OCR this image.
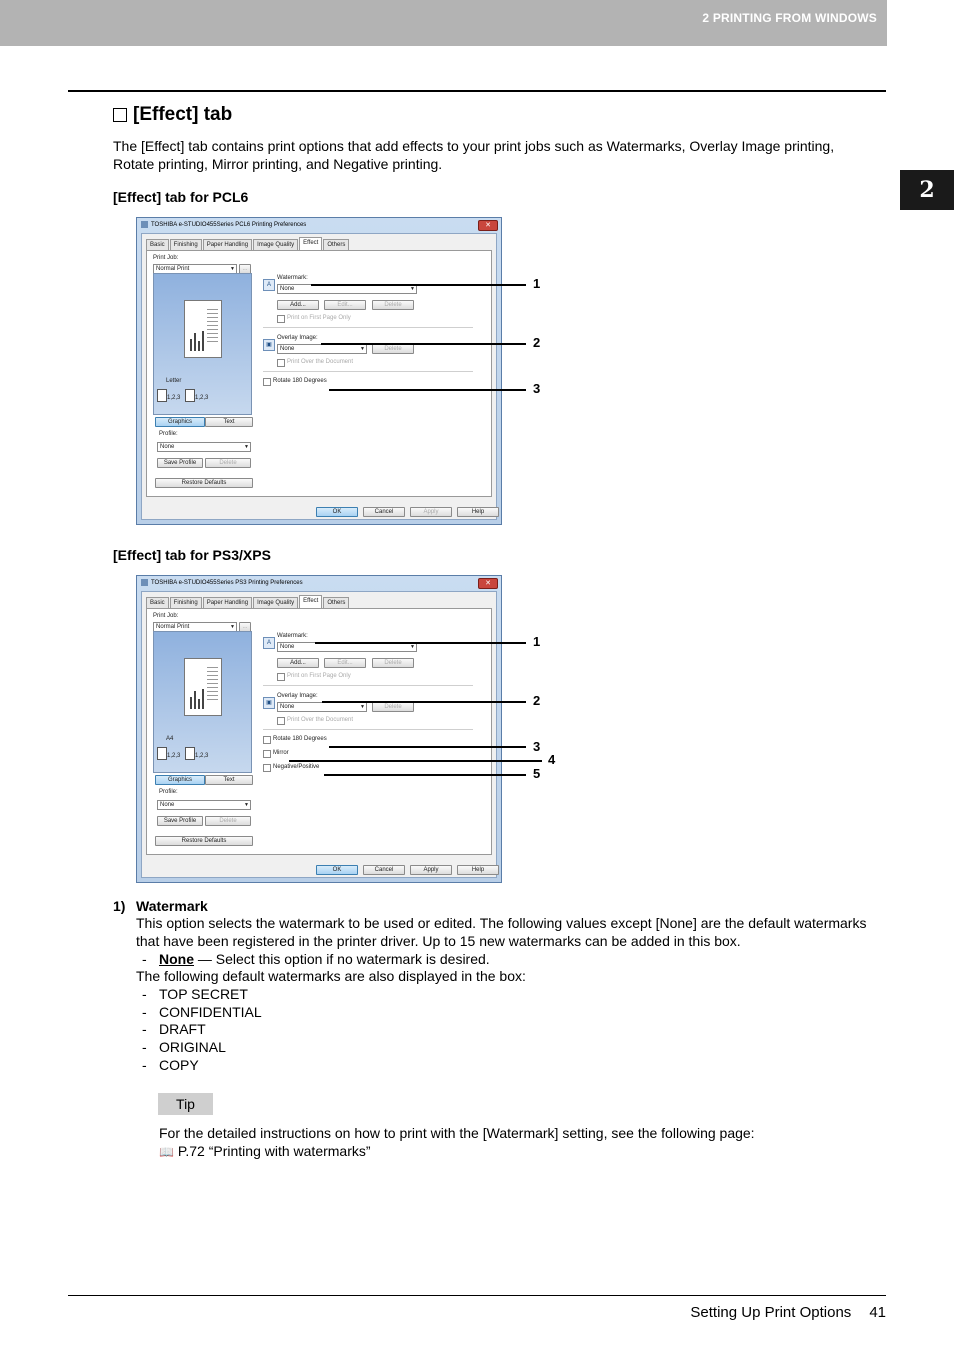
2 PRINTING FROM WINDOWS
2
[Effect] tab
The [Effect] tab contains print options that add effects to your print jobs such as Watermarks, Overlay Image printing,
Rotate printing, Mirror printing, and Negative printing.
[Effect] tab for PCL6
TOSHIBA e-STUDIO455Series PCL6 Printing Preferences	✕
Basic	Finishing	Paper Handling	Image Quality	Effect	Others
Print Job:
Normal Print	▼	...
Letter
1,2,3 1,2,3
Graphics	Text
Profile:
None	▼
Save Profile	Delete
Restore Defaults
A
Watermark:
None	▼
Add...	Edit...	Delete
Print on First Page Only
▣
Overlay Image:
None	▼	Delete
Print Over the Document
Rotate 180 Degrees
OK	Cancel	Apply	Help
1
2
3
[Effect] tab for PS3/XPS
TOSHIBA e-STUDIO455Series PS3 Printing Preferences	✕
Basic	Finishing	Paper Handling	Image Quality	Effect	Others
Print Job:
Normal Print	▼	...
A4
1,2,3 1,2,3
Graphics	Text
Profile:
None	▼
Save Profile	Delete
Restore Defaults
A
Watermark:
None	▼
Add...	Edit...	Delete
Print on First Page Only
▣
Overlay Image:
None	▼	Delete
Print Over the Document
Rotate 180 Degrees
Mirror
Negative/Positive
OK	Cancel	Apply	Help
1
2
3
4
5
1) Watermark
This option selects the watermark to be used or edited. The following values except [None] are the default watermarks
that have been registered in the printer driver. Up to 15 new watermarks can be added in this box.
- None — Select this option if no watermark is desired.
The following default watermarks are also displayed in the box:
- TOP SECRET
- CONFIDENTIAL
- DRAFT
- ORIGINAL
- COPY
Tip
For the detailed instructions on how to print with the [Watermark] setting, see the following page:
📖 P.72 “Printing with watermarks”
Setting Up Print Options 41
